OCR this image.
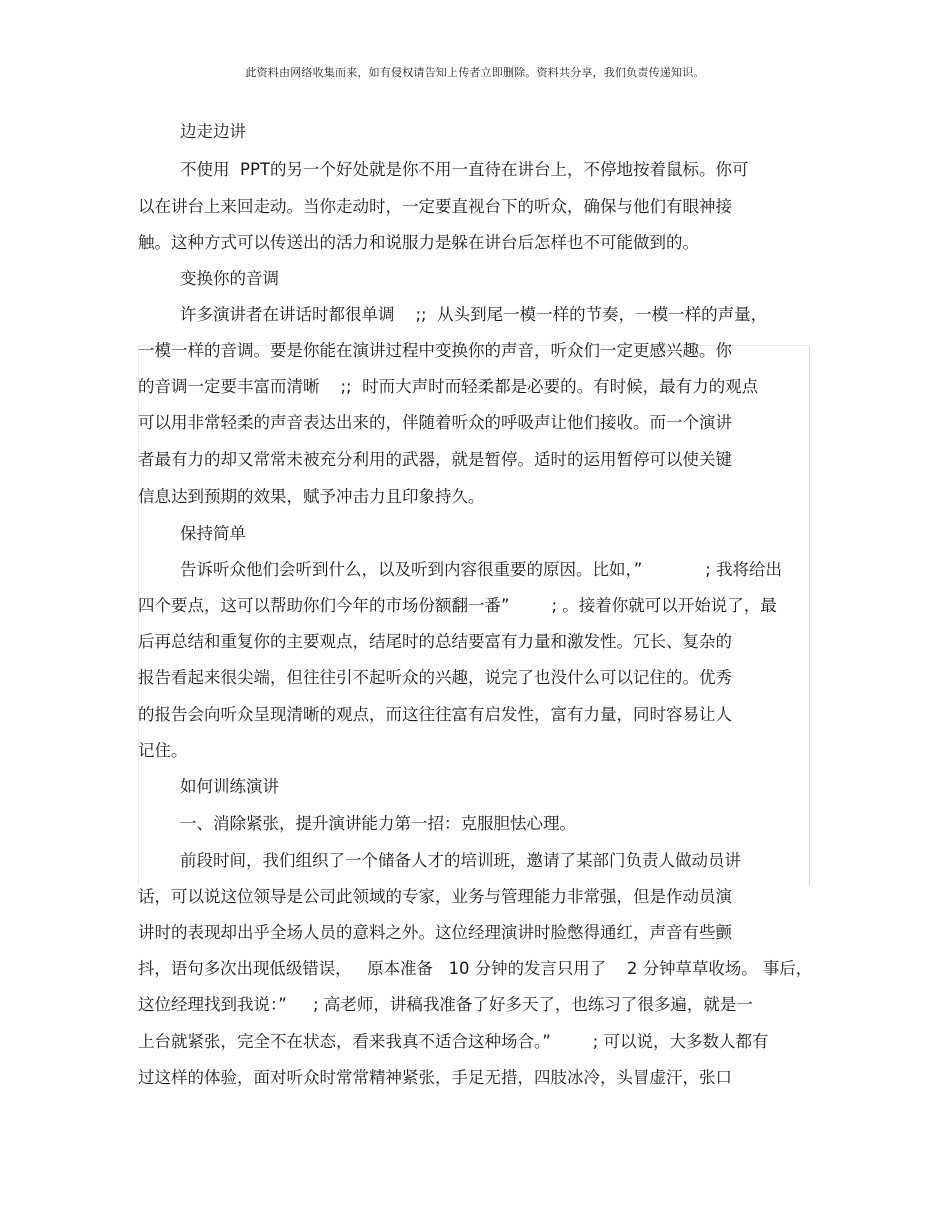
此资料由网络收集而来，如有侵权请告知上传者立即删除。资料共分享，我们负责传递知识。
边走边讲
不使用  PPT的另一个好处就是你不用一直待在讲台上，不停地按着鼠标。你可
以在讲台上来回走动。当你走动时，一定要直视台下的听众，确保与他们有眼神接
触。这种方式可以传送出的活力和说服力是躲在讲台后怎样也不可能做到的。
变换你的音调
许多演讲者在讲话时都很单调    ;;  从头到尾一模一样的节奏，一模一样的声量，
一模一样的音调。要是你能在演讲过程中变换你的声音，听众们一定更感兴趣。你
的音调一定要丰富而清晰    ;;  时而大声时而轻柔都是必要的。有时候，最有力的观点
可以用非常轻柔的声音表达出来的，伴随着听众的呼吸声让他们接收。而一个演讲
者最有力的却又常常未被充分利用的武器，就是暂停。适时的运用暂停可以使关键
信息达到预期的效果，赋予冲击力且印象持久。
保持简单
告诉听众他们会听到什么，以及听到内容很重要的原因。比如，”            ; 我将给出
四个要点，这可以帮助你们今年的市场份额翻一番”        ; 。接着你就可以开始说了，最
后再总结和重复你的主要观点，结尾时的总结要富有力量和激发性。冗长、复杂的
报告看起来很尖端，但往往引不起听众的兴趣，说完了也没什么可以记住的。优秀
的报告会向听众呈现清晰的观点，而这往往富有启发性，富有力量，同时容易让人
记住。
如何训练演讲
一、消除紧张，提升演讲能力第一招：克服胆怯心理。
前段时间，我们组织了一个储备人才的培训班，邀请了某部门负责人做动员讲
话，可以说这位领导是公司此领域的专家，业务与管理能力非常强，但是作动员演
讲时的表现却出乎全场人员的意料之外。这位经理演讲时脸憋得通红，声音有些颤
抖，语句多次出现低级错误，   原本准备   10 分钟的发言只用了    2 分钟草草收场。 事后，
这位经理找到我说：”     ; 高老师，讲稿我准备了好多天了，也练习了很多遍，就是一
上台就紧张，完全不在状态，看来我真不适合这种场合。”        ; 可以说，大多数人都有
过这样的体验，面对听众时常常精神紧张，手足无措，四肢冰冷，头冒虚汗，张口
